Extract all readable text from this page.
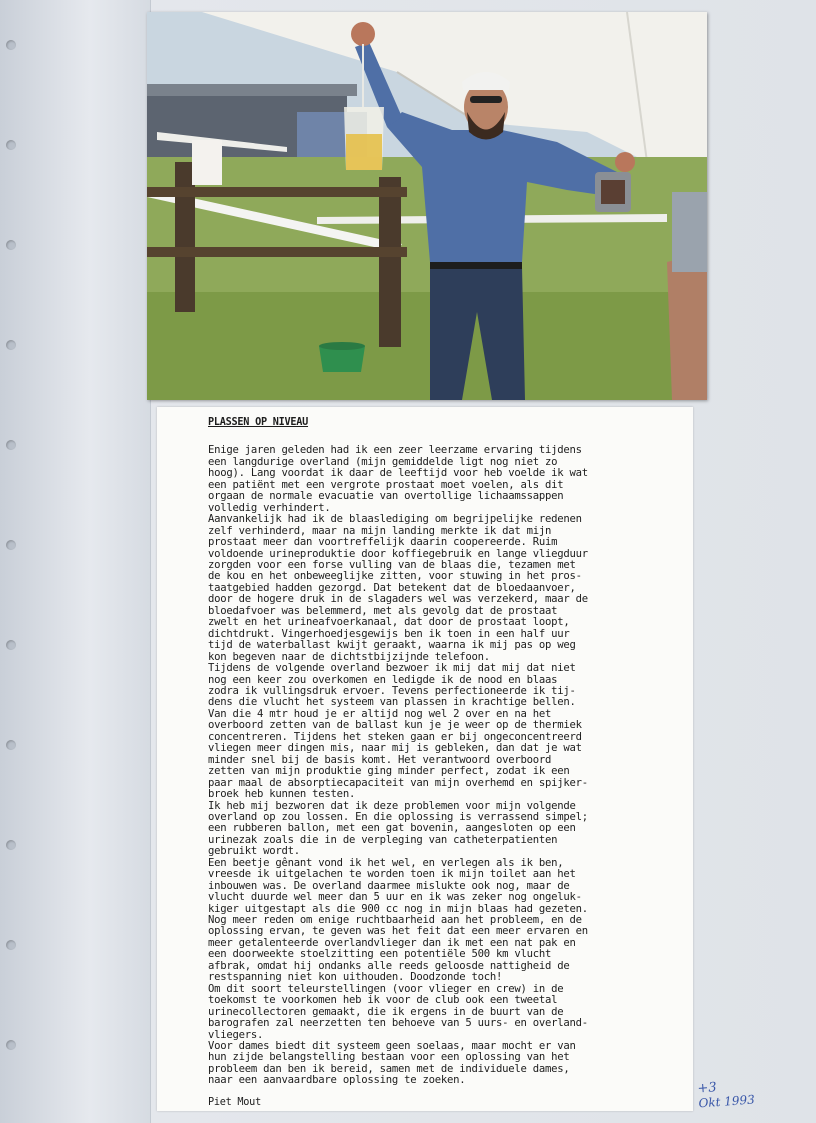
PLASSEN OP NIVEAU
Enige jaren geleden had ik een zeer leerzame ervaring tijdens
een langdurige overland (mijn gemiddelde ligt nog niet zo
hoog). Lang voordat ik daar de leeftijd voor heb voelde ik wat
een patiënt met een vergrote prostaat moet voelen, als dit
orgaan de normale evacuatie van overtollige lichaamssappen
volledig verhindert.
Aanvankelijk had ik de blaaslediging om begrijpelijke redenen
zelf verhinderd, maar na mijn landing merkte ik dat mijn
prostaat meer dan voortreffelijk daarin coopereerde. Ruim
voldoende urineproduktie door koffiegebruik en lange vliegduur
zorgden voor een forse vulling van de blaas die, tezamen met
de kou en het onbeweeglijke zitten, voor stuwing in het pros-
taatgebied hadden gezorgd. Dat betekent dat de bloedaanvoer,
door de hogere druk in de slagaders wel was verzekerd, maar de
bloedafvoer was belemmerd, met als gevolg dat de prostaat
zwelt en het urineafvoerkanaal, dat door de prostaat loopt,
dichtdrukt. Vingerhoedjesgewijs ben ik toen in een half uur
tijd de waterballast kwijt geraakt, waarna ik mij pas op weg
kon begeven naar de dichtstbijzijnde telefoon.
Tijdens de volgende overland bezwoer ik mij dat mij dat niet
nog een keer zou overkomen en ledigde ik de nood en blaas
zodra ik vullingsdruk ervoer. Tevens perfectioneerde ik tij-
dens die vlucht het systeem van plassen in krachtige bellen.
Van die 4 mtr houd je er altijd nog wel 2 over en na het
overboord zetten van de ballast kun je je weer op de thermiek
concentreren. Tijdens het steken gaan er bij ongeconcentreerd
vliegen meer dingen mis, naar mij is gebleken, dan dat je wat
minder snel bij de basis komt. Het verantwoord overboord
zetten van mijn produktie ging minder perfect, zodat ik een
paar maal de absorptiecapaciteit van mijn overhemd en spijker-
broek heb kunnen testen.
Ik heb mij bezworen dat ik deze problemen voor mijn volgende
overland op zou lossen. En die oplossing is verrassend simpel;
een rubberen ballon, met een gat bovenin, aangesloten op een
urinezak zoals die in de verpleging van catheterpatienten
gebruikt wordt.
Een beetje gênant vond ik het wel, en verlegen als ik ben,
vreesde ik uitgelachen te worden toen ik mijn toilet aan het
inbouwen was. De overland daarmee mislukte ook nog, maar de
vlucht duurde wel meer dan 5 uur en ik was zeker nog ongeluk-
kiger uitgestapt als die 900 cc nog in mijn blaas had gezeten.
Nog meer reden om enige ruchtbaarheid aan het probleem, en de
oplossing ervan, te geven was het feit dat een meer ervaren en
meer getalenteerde overlandvlieger dan ik met een nat pak en
een doorweekte stoelzitting een potentiële 500 km vlucht
afbrak, omdat hij ondanks alle reeds geloosde nattigheid de
restspanning niet kon uithouden. Doodzonde toch!
Om dit soort teleurstellingen (voor vlieger en crew) in de
toekomst te voorkomen heb ik voor de club ook een tweetal
urinecollectoren gemaakt, die ik ergens in de buurt van de
barografen zal neerzetten ten behoeve van 5 uurs- en overland-
vliegers.
Voor dames biedt dit systeem geen soelaas, maar mocht er van
hun zijde belangstelling bestaan voor een oplossing van het
probleem dan ben ik bereid, samen met de individuele dames,
naar een aanvaardbare oplossing te zoeken.
Piet Mout
+3
Okt 1993
